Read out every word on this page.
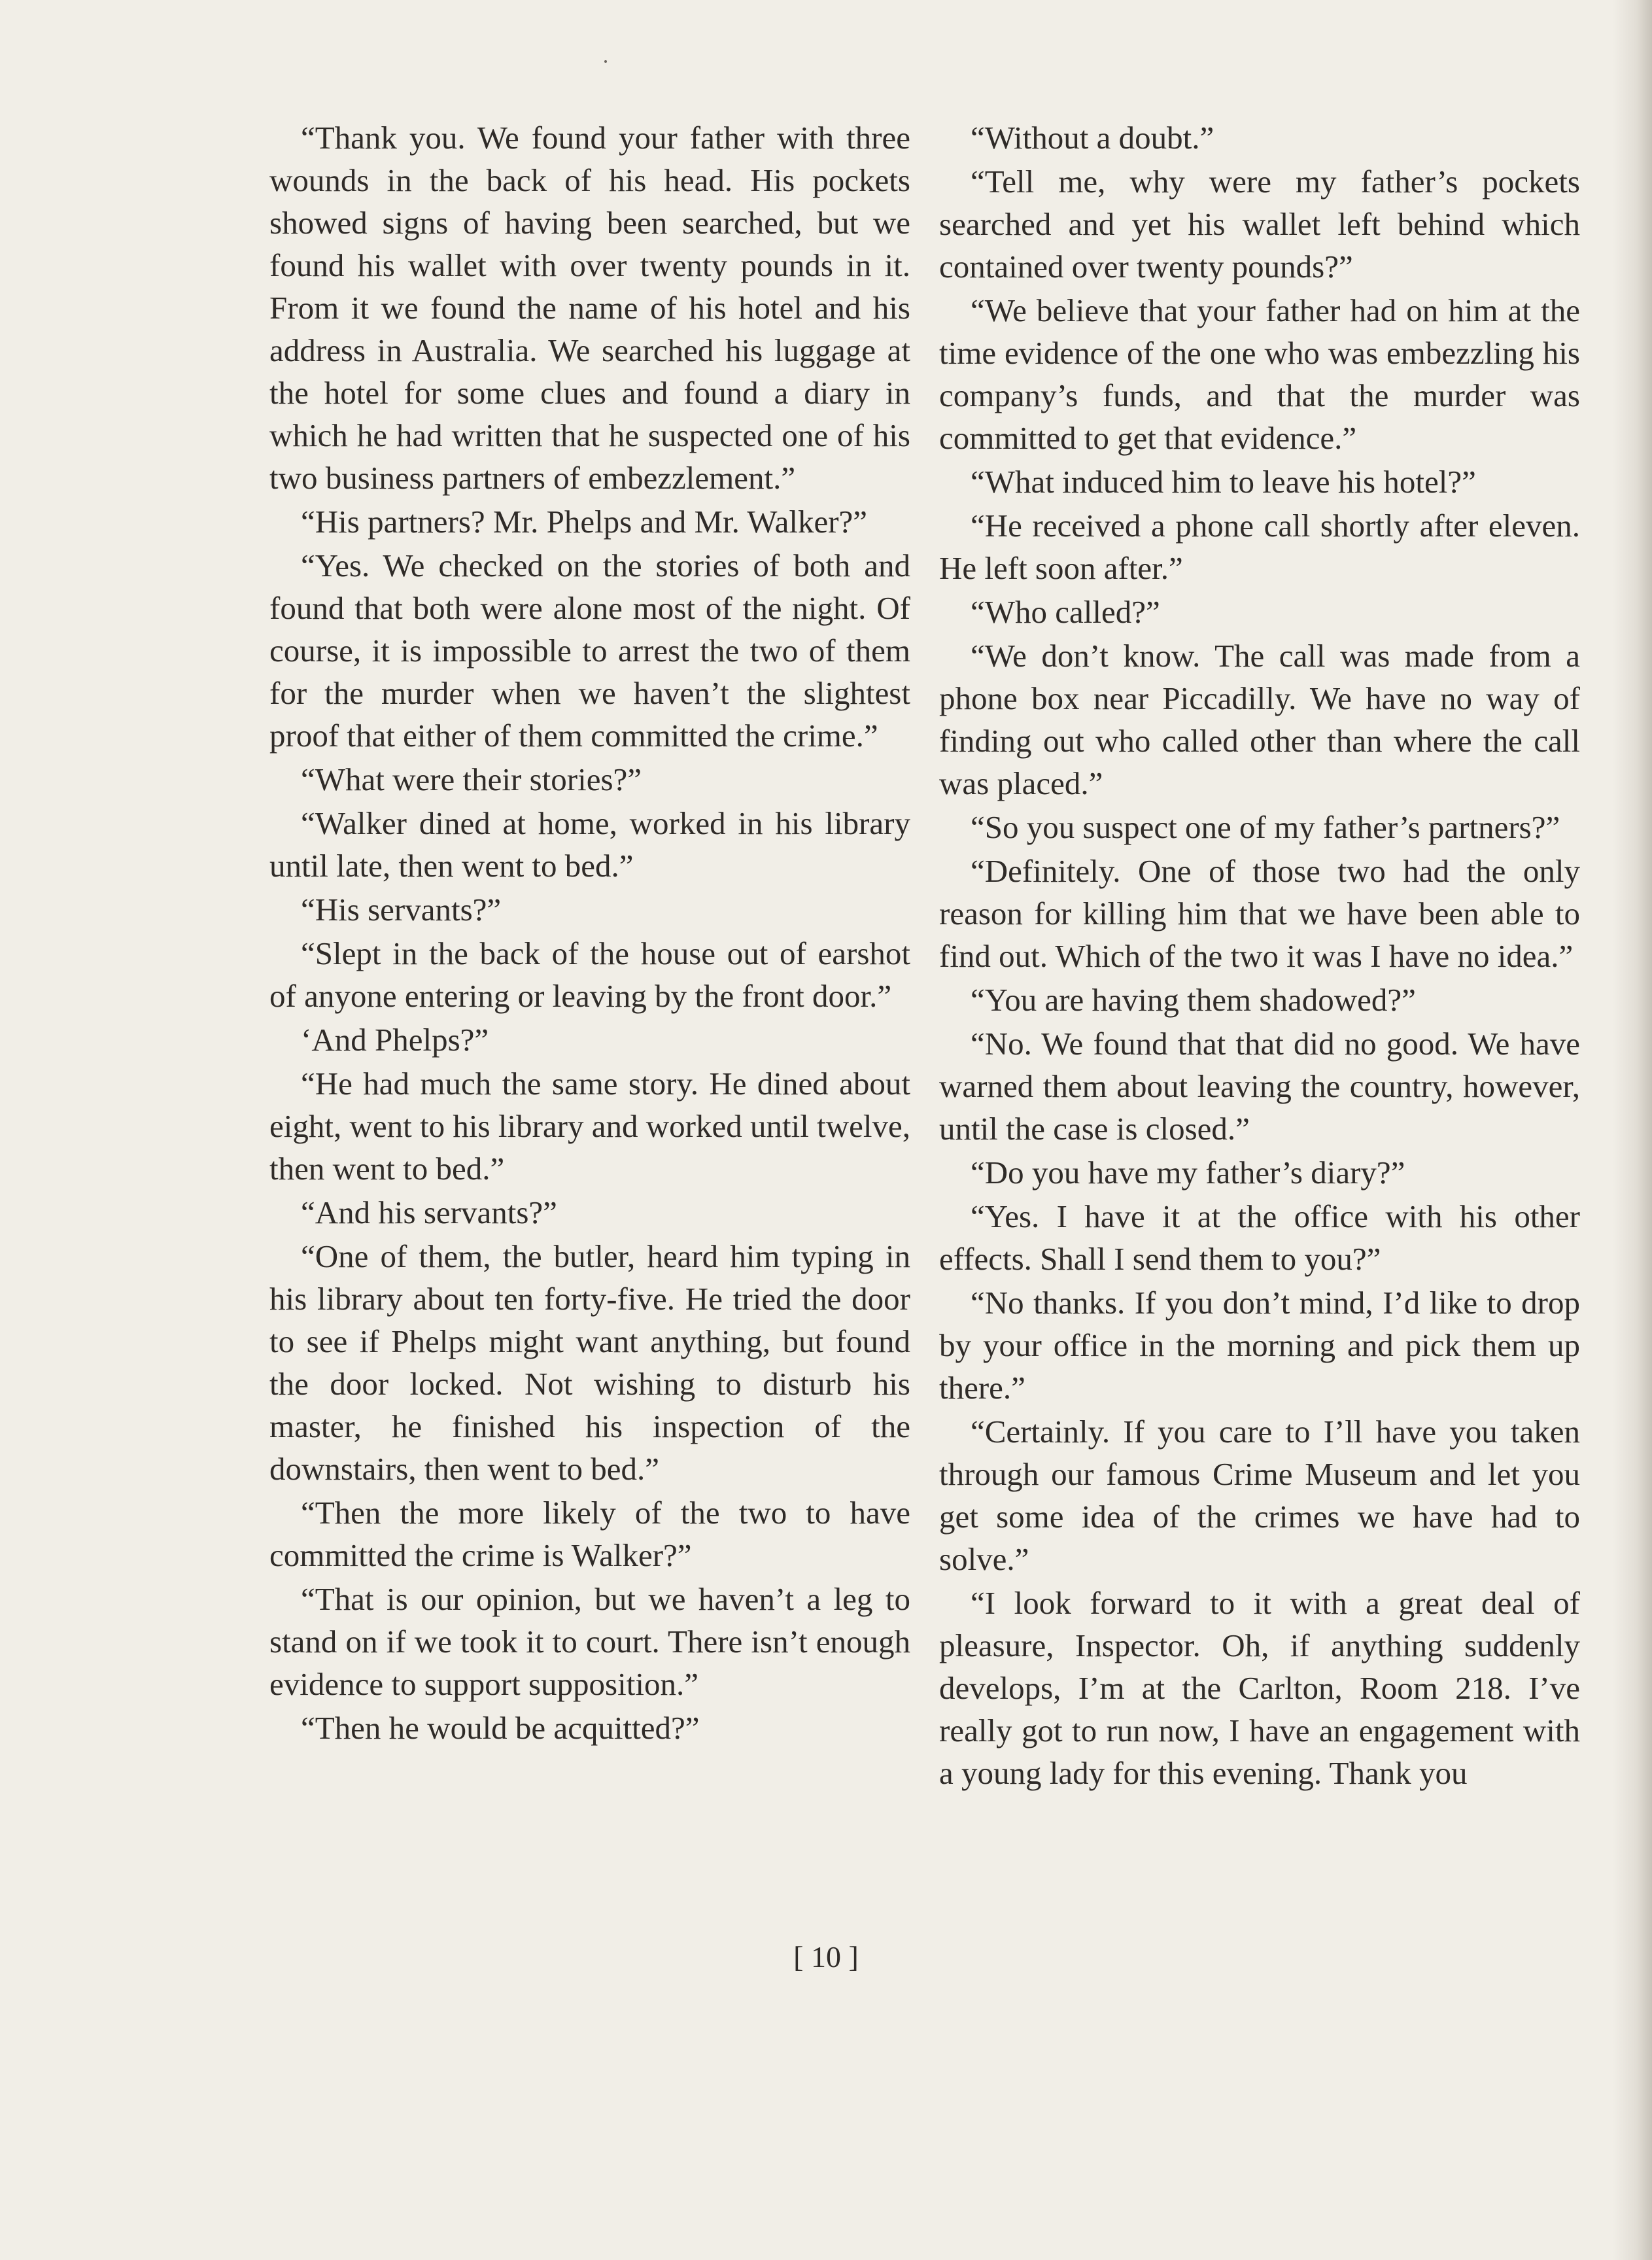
“Thank you. We found your father with three wounds in the back of his head. His pockets showed signs of having been searched, but we found his wallet with over twenty pounds in it. From it we found the name of his hotel and his address in Australia. We searched his luggage at the hotel for some clues and found a diary in which he had written that he suspected one of his two business partners of embezzlement.”

“His partners? Mr. Phelps and Mr. Walker?”

“Yes. We checked on the stories of both and found that both were alone most of the night. Of course, it is impossible to arrest the two of them for the murder when we haven’t the slightest proof that either of them committed the crime.”

“What were their stories?”

“Walker dined at home, worked in his library until late, then went to bed.”

“His servants?”

“Slept in the back of the house out of earshot of anyone entering or leaving by the front door.”

‘And Phelps?”

“He had much the same story. He dined about eight, went to his library and worked until twelve, then went to bed.”

“And his servants?”

“One of them, the butler, heard him typing in his library about ten forty-five. He tried the door to see if Phelps might want anything, but found the door locked. Not wishing to disturb his master, he finished his inspection of the downstairs, then went to bed.”

“Then the more likely of the two to have committed the crime is Walker?”

“That is our opinion, but we haven’t a leg to stand on if we took it to court. There isn’t enough evidence to support supposition.”

“Then he would be acquitted?”

“Without a doubt.”

“Tell me, why were my father’s pockets searched and yet his wallet left behind which contained over twenty pounds?”

“We believe that your father had on him at the time evidence of the one who was embezzling his company’s funds, and that the murder was committed to get that evidence.”

“What induced him to leave his hotel?”

“He received a phone call shortly after eleven. He left soon after.”

“Who called?”

“We don’t know. The call was made from a phone box near Piccadilly. We have no way of finding out who called other than where the call was placed.”

“So you suspect one of my father’s partners?”

“Definitely. One of those two had the only reason for killing him that we have been able to find out. Which of the two it was I have no idea.”

“You are having them shadowed?”

“No. We found that that did no good. We have warned them about leaving the country, however, until the case is closed.”

“Do you have my father’s diary?”

“Yes. I have it at the office with his other effects. Shall I send them to you?”

“No thanks. If you don’t mind, I’d like to drop by your office in the morning and pick them up there.”

“Certainly. If you care to I’ll have you taken through our famous Crime Museum and let you get some idea of the crimes we have had to solve.”

“I look forward to it with a great deal of pleasure, Inspector. Oh, if anything suddenly develops, I’m at the Carlton, Room 218. I’ve really got to run now, I have an engagement with a young lady for this evening. Thank you

[ 10 ]
